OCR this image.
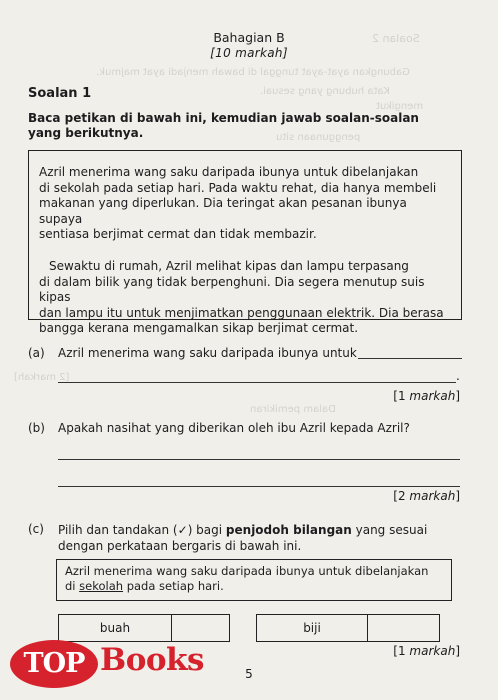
Soalan 2
Gabungkan ayat-ayat tunggal di bawah menjadi ayat majmuk.
Kata hubung yang sesuai.
mengikut
penggunaan situ
Dalam pemikiran
[2 markah]
Bahagian B
[10 markah]
Soalan 1
Baca petikan di bawah ini, kemudian jawab soalan-soalan
yang berikutnya.

Azril menerima wang saku daripada ibunya untuk dibelanjakan
di sekolah pada setiap hari. Pada waktu rehat, dia hanya membeli
makanan yang diperlukan. Dia teringat akan pesanan ibunya supaya
sentiasa berjimat cermat dan tidak membazir.

Sewaktu di rumah, Azril melihat kipas dan lampu terpasang
di dalam bilik yang tidak berpenghuni. Dia segera menutup suis kipas
dan lampu itu untuk menjimatkan penggunaan elektrik. Dia berasa
bangga kerana mengamalkan sikap berjimat cermat.

(a) Azril menerima wang saku daripada ibunya untuk
.
[1 markah]
(b) Apakah nasihat yang diberikan oleh ibu Azril kepada Azril?
[2 markah]
(c) Pilih dan tandakan (✓) bagi penjodoh bilangan yang sesuai
dengan perkataan bergaris di bawah ini.
Azril menerima wang saku daripada ibunya untuk dibelanjakan
di sekolah pada setiap hari.
buah	biji
[1 markah]
5
TOP Books
